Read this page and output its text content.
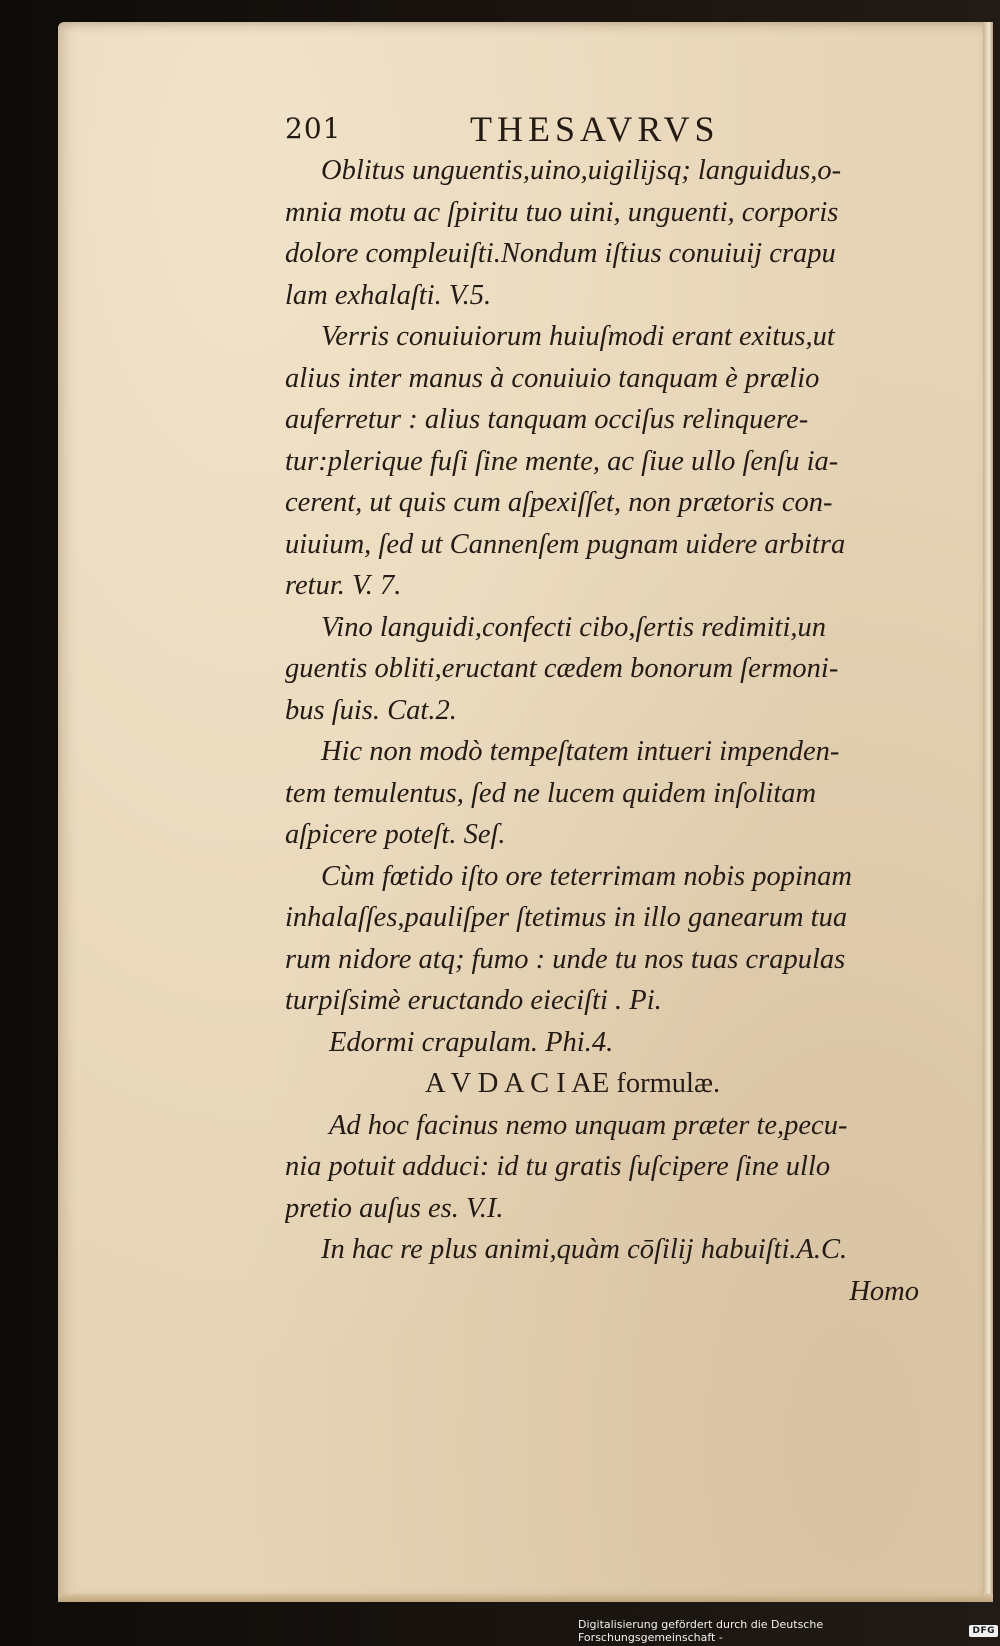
201	THESAVRVS
Oblitus unguentis,uino,uigilijsq; languidus,o-
mnia motu ac ſpiritu tuo uini, unguenti, corporis
dolore compleuiſti.Nondum iſtius conuiuij crapu
lam exhalaſti. V.5.
Verris conuiuiorum huiuſmodi erant exitus,ut
alius inter manus à conuiuio tanquam è prælio
auferretur : alius tanquam occiſus relinquere-
tur:plerique fuſi ſine mente, ac ſiue ullo ſenſu ia-
cerent, ut quis cum aſpexiſſet, non prætoris con-
uiuium, ſed ut Cannenſem pugnam uidere arbitra
retur. V. 7.
Vino languidi,confecti cibo,ſertis redimiti,un
guentis obliti,eructant cædem bonorum ſermoni-
bus ſuis. Cat.2.
Hic non modò tempeſtatem intueri impenden-
tem temulentus, ſed ne lucem quidem inſolitam
aſpicere poteſt. Seſ.
Cùm fœtido iſto ore teterrimam nobis popinam
inhalaſſes,pauliſper ſtetimus in illo ganearum tua
rum nidore atq; fumo : unde tu nos tuas crapulas
turpiſsimè eructando eieciſti . Pi.
Edormi crapulam. Phi.4.
A V D A C I AE formulæ.
Ad hoc facinus nemo unquam præter te,pecu-
nia potuit adduci: id tu gratis ſuſcipere ſine ullo
pretio auſus es. V.I.
In hac re plus animi,quàm cōſilij habuiſti.A.C.
Homo
Digitalisierung gefördert durch die Deutsche Forschungsgemeinschaft -	DFG
